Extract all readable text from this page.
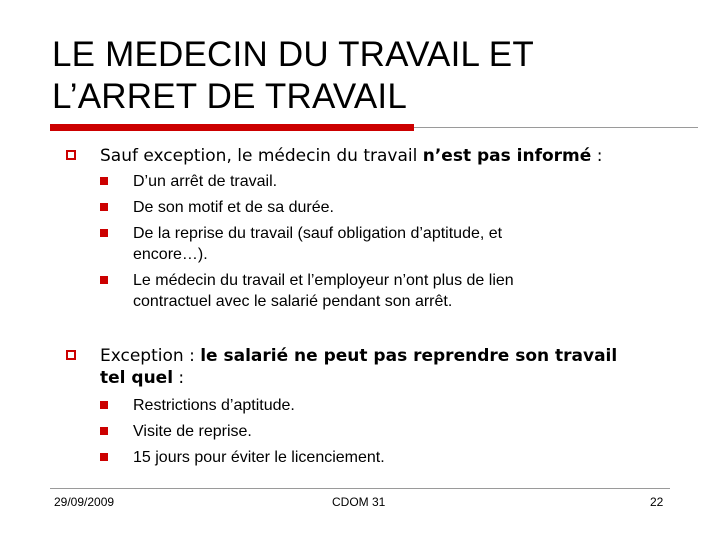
LE MEDECIN DU TRAVAIL ET
L’ARRET DE TRAVAIL
Sauf exception, le médecin du travail n’est pas informé :
D’un arrêt de travail.
De son motif et de sa durée.
De la reprise du travail (sauf obligation d’aptitude, et
encore…).
Le médecin du travail et l’employeur n’ont plus de lien
contractuel avec le salarié pendant son arrêt.
Exception : le salarié ne peut pas reprendre son travail
tel quel :
Restrictions d’aptitude.
Visite de reprise.
15 jours pour éviter le licenciement.
29/09/2009	CDOM 31	22
